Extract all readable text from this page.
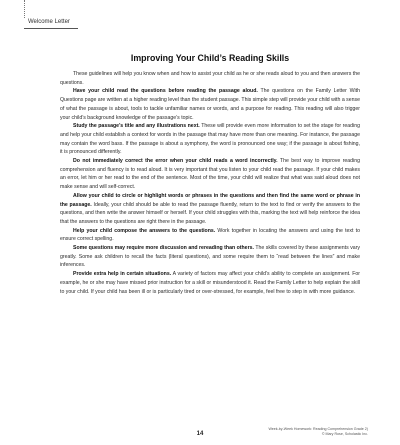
Welcome Letter
Improving Your Child’s Reading Skills

These guidelines will help you know when and how to assist your child as he or she reads aloud to you and then answers the questions.

Have your child read the questions before reading the passage aloud. The questions on the Family Letter With Questions page are written at a higher reading level than the student passage. This simple step will provide your child with a sense of what the passage is about, tools to tackle unfamiliar names or words, and a purpose for reading. This reading will also trigger your child’s background knowledge of the passage’s topic.

Study the passage’s title and any illustrations next. These will provide even more information to set the stage for reading and help your child establish a context for words in the passage that may have more than one meaning. For instance, the passage may contain the word bass. If the passage is about a symphony, the word is pronounced one way; if the passage is about fishing, it is pronounced differently.

Do not immediately correct the error when your child reads a word incorrectly. The best way to improve reading comprehension and fluency is to read aloud. It is very important that you listen to your child read the passage. If your child makes an error, let him or her read to the end of the sentence. Most of the time, your child will realize that what was said aloud does not make sense and will self-correct.

Allow your child to circle or highlight words or phrases in the questions and then find the same word or phrase in the passage. Ideally, your child should be able to read the passage fluently, return to the text to find or verify the answers to the questions, and then write the answer himself or herself. If your child struggles with this, marking the text will help reinforce the idea that the answers to the questions are right there in the passage.

Help your child compose the answers to the questions. Work together in locating the answers and using the text to ensure correct spelling.

Some questions may require more discussion and rereading than others. The skills covered by these assignments vary greatly. Some ask children to recall the facts (literal questions), and some require them to “read between the lines” and make inferences.

Provide extra help in certain situations. A variety of factors may affect your child’s ability to complete an assignment. For example, he or she may have missed prior instruction for a skill or misunderstood it. Read the Family Letter to help explain the skill to your child. If your child has been ill or is particularly tired or over-stressed, for example, feel free to step in with more guidance.

14
Week-by-Week Homework: Reading Comprehension Grade 2)
© Mary Rose, Scholastic Inc.
